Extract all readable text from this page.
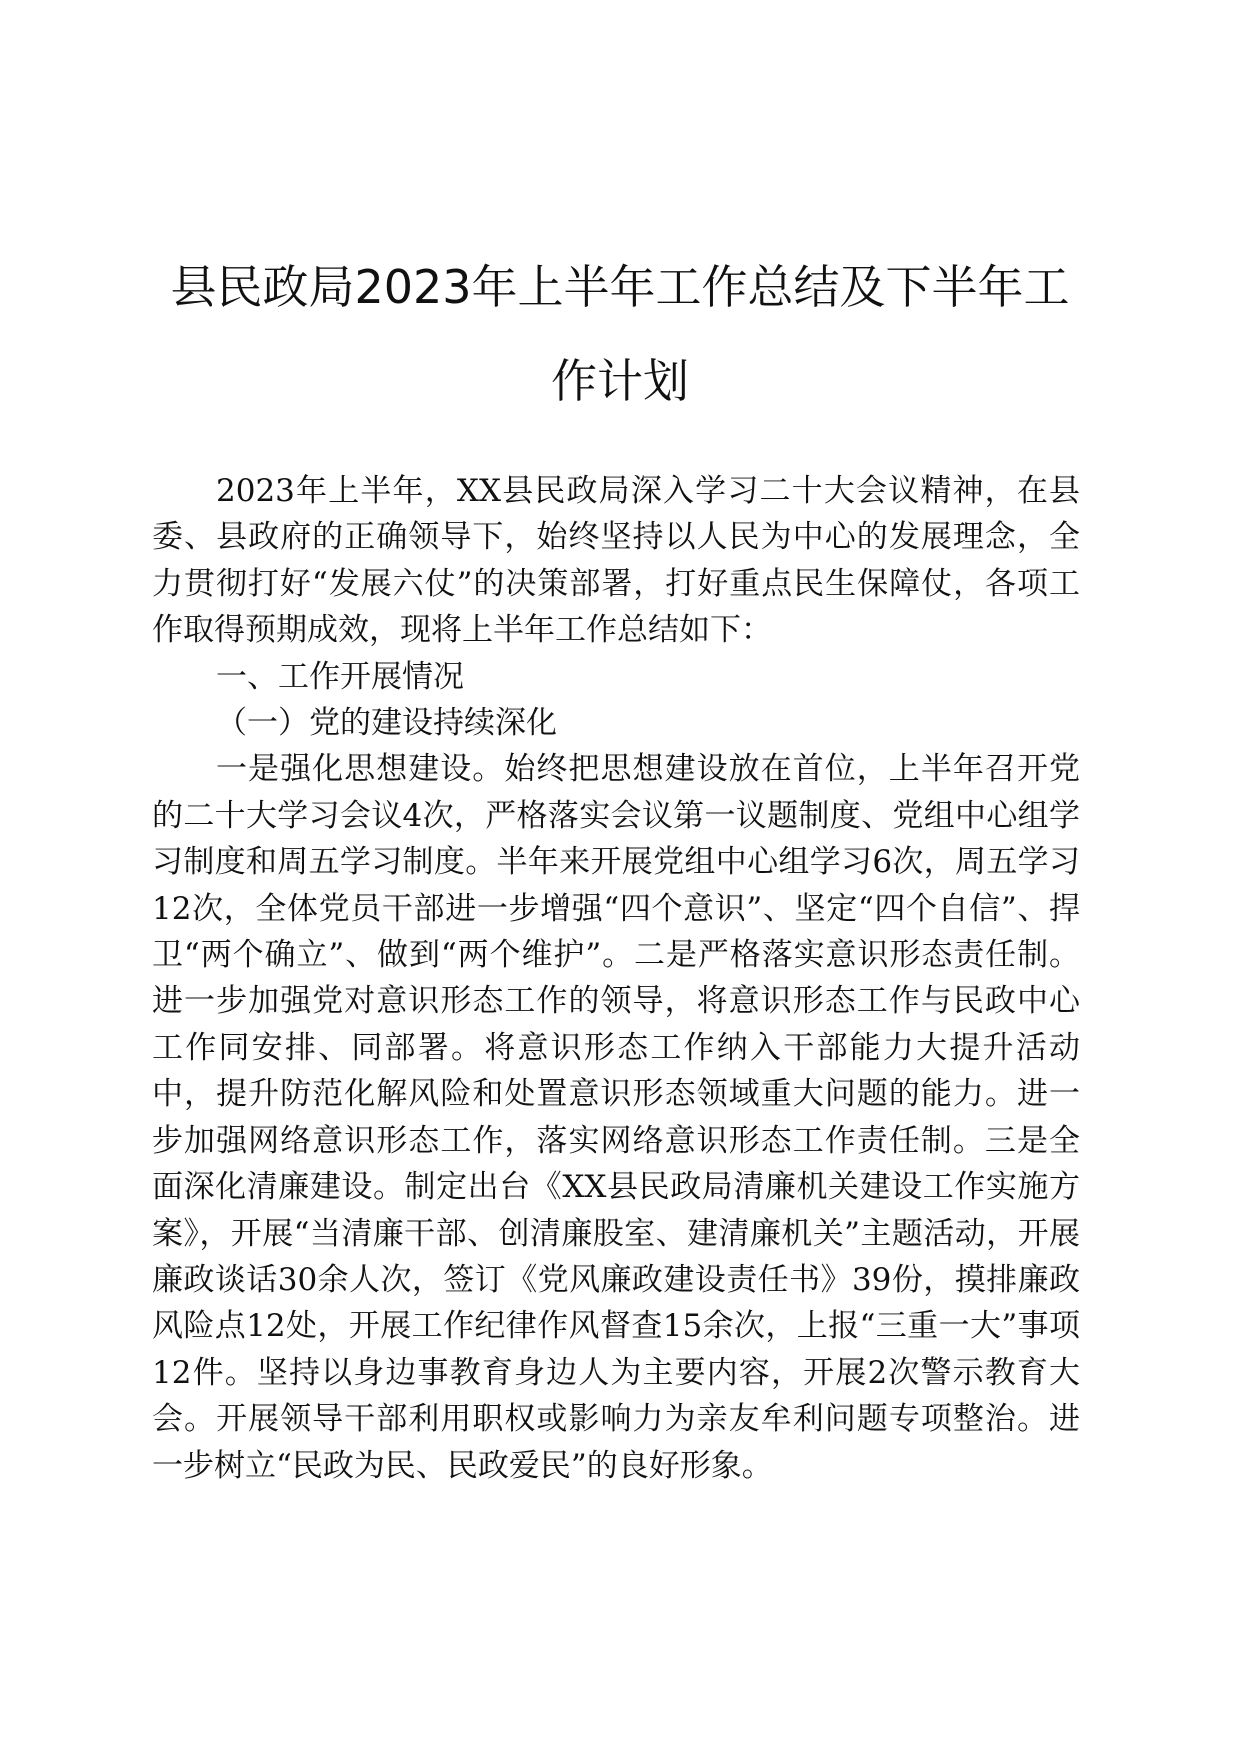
县民政局2023年上半年工作总结及下半年工
作计划

2023年上半年，XX县民政局深入学习二十大会议精神，在县委、县政府的正确领导下，始终坚持以人民为中心的发展理念，全力贯彻打好“发展六仗”的决策部署，打好重点民生保障仗，各项工作取得预期成效，现将上半年工作总结如下：

一、工作开展情况

（一）党的建设持续深化

一是强化思想建设。始终把思想建设放在首位，上半年召开党的二十大学习会议4次，严格落实会议第一议题制度、党组中心组学习制度和周五学习制度。半年来开展党组中心组学习6次，周五学习12次，全体党员干部进一步增强“四个意识”、坚定“四个自信”、捍卫“两个确立”、做到“两个维护”。二是严格落实意识形态责任制。进一步加强党对意识形态工作的领导，将意识形态工作与民政中心工作同安排、同部署。将意识形态工作纳入干部能力大提升活动中，提升防范化解风险和处置意识形态领域重大问题的能力。进一步加强网络意识形态工作，落实网络意识形态工作责任制。三是全面深化清廉建设。制定出台《XX县民政局清廉机关建设工作实施方案》，开展“当清廉干部、创清廉股室、建清廉机关”主题活动，开展廉政谈话30余人次，签订《党风廉政建设责任书》39份，摸排廉政风险点12处，开展工作纪律作风督查15余次，上报“三重一大”事项12件。坚持以身边事教育身边人为主要内容，开展2次警示教育大会。开展领导干部利用职权或影响力为亲友牟利问题专项整治。进一步树立“民政为民、民政爱民”的良好形象。
